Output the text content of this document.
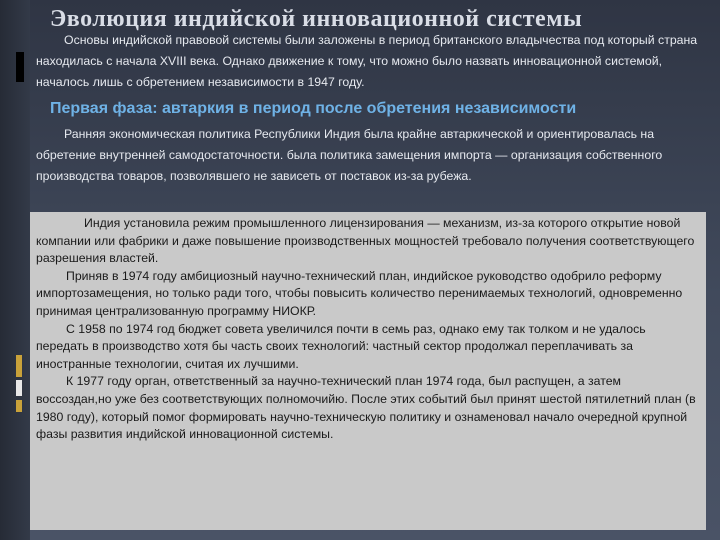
Эволюция индийской инновационной системы

Основы индийской правовой системы были заложены в период британского владычества под который страна находилась с начала XVIII века. Однако движение к тому, что можно было назвать инновационной системой, началось лишь с обретением независимости в 1947 году.

Первая фаза: автаркия в период после обретения независимости

Ранняя экономическая политика Республики Индия была крайне автаркической и ориентировалась на обретение внутренней самодостаточности. была политика замещения импорта — организация собственного производства товаров, позволявшего не зависеть от поставок из-за рубежа.

Индия установила режим промышленного лицензирования — механизм, из-за которого открытие новой компании или фабрики и даже повышение производственных мощностей требовало получения соответствующего разрешения властей.

Приняв в 1974 году амбициозный научно-технический план, индийское руководство одобрило реформу импортозамещения, но только ради того, чтобы повысить количество перенимаемых технологий, одновременно принимая централизованную программу НИОКР.

С 1958 по 1974 год бюджет совета увеличился почти в семь раз, однако ему так толком и не удалось передать в производство хотя бы часть своих технологий: частный сектор продолжал переплачивать за иностранные технологии, считая их лучшими.

К 1977 году орган, ответственный за научно-технический план 1974 года, был распущен, а затем воссоздан,но уже без соответствующих полномочийю. После этих событий был принят шестой пятилетний план (в 1980 году), который помог формировать научно-техническую политику и ознаменовал начало очередной крупной фазы развития индийской инновационной системы.
